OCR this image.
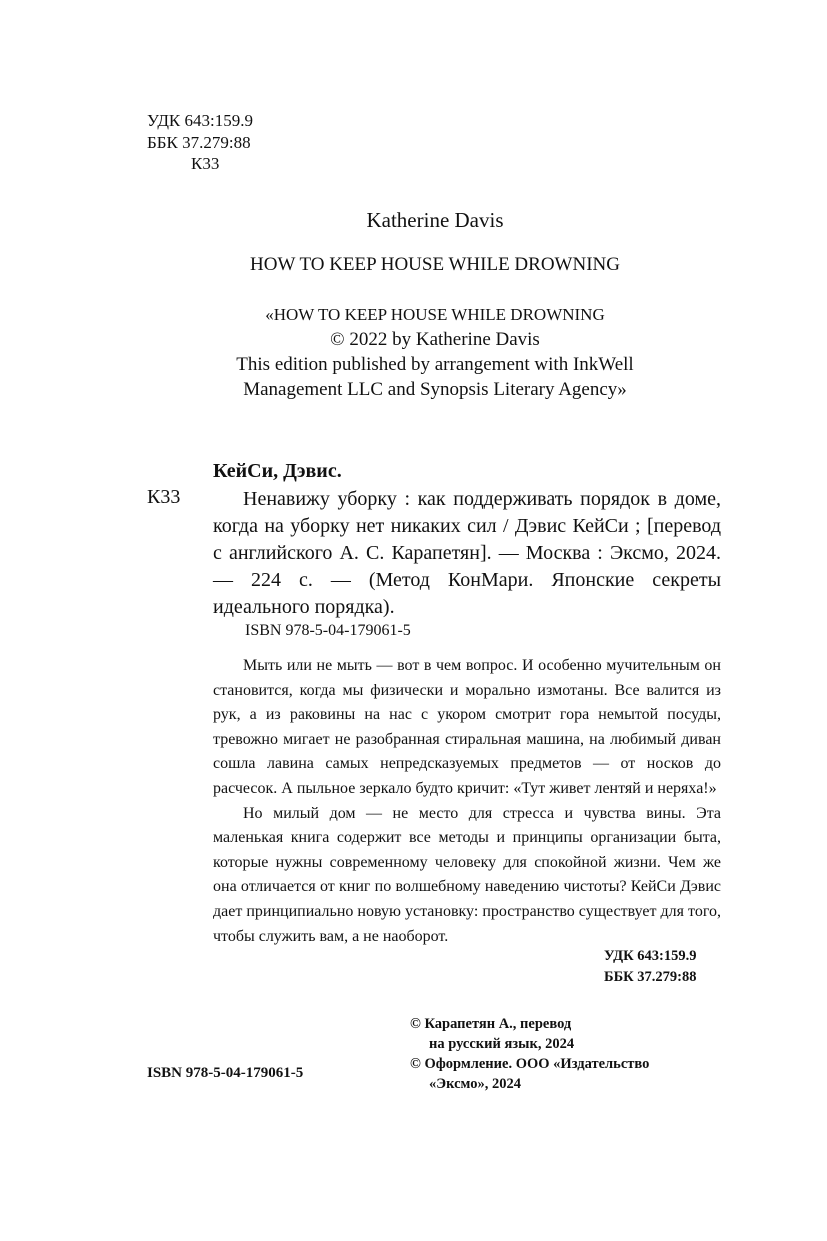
УДК 643:159.9
ББК 37.279:88
К33
Katherine Davis
HOW TO KEEP HOUSE WHILE DROWNING
«HOW TO KEEP HOUSE WHILE DROWNING
© 2022 by Katherine Davis
This edition published by arrangement with InkWell
Management LLC and Synopsis Literary Agency»
КейСи, Дэвис.
К33	Ненавижу уборку : как поддерживать порядок в доме, когда на уборку нет никаких сил / Дэвис КейСи ; [перевод с английского А. С. Карапетян]. — Москва : Эксмо, 2024. — 224 с. — (Метод КонМари. Японские секреты идеального порядка).
ISBN 978-5-04-179061-5

Мыть или не мыть — вот в чем вопрос. И особенно мучительным он становится, когда мы физически и морально измотаны. Все валится из рук, а из раковины на нас с укором смотрит гора немытой посуды, тревожно мигает не разобранная стиральная машина, на любимый диван сошла лавина самых непредсказуемых предметов — от носков до расчесок. А пыльное зеркало будто кричит: «Тут живет лентяй и неряха!»

Но милый дом — не место для стресса и чувства вины. Эта маленькая книга содержит все методы и принципы организации быта, которые нужны современному человеку для спокойной жизни. Чем же она отличается от книг по волшебному наведению чистоты? КейСи Дэвис дает принципиально новую установку: пространство существует для того, чтобы служить вам, а не наоборот.

УДК 643:159.9
ББК 37.279:88
© Карапетян А., перевод
на русский язык, 2024
© Оформление. ООО «Издательство
«Эксмо», 2024
ISBN 978-5-04-179061-5
